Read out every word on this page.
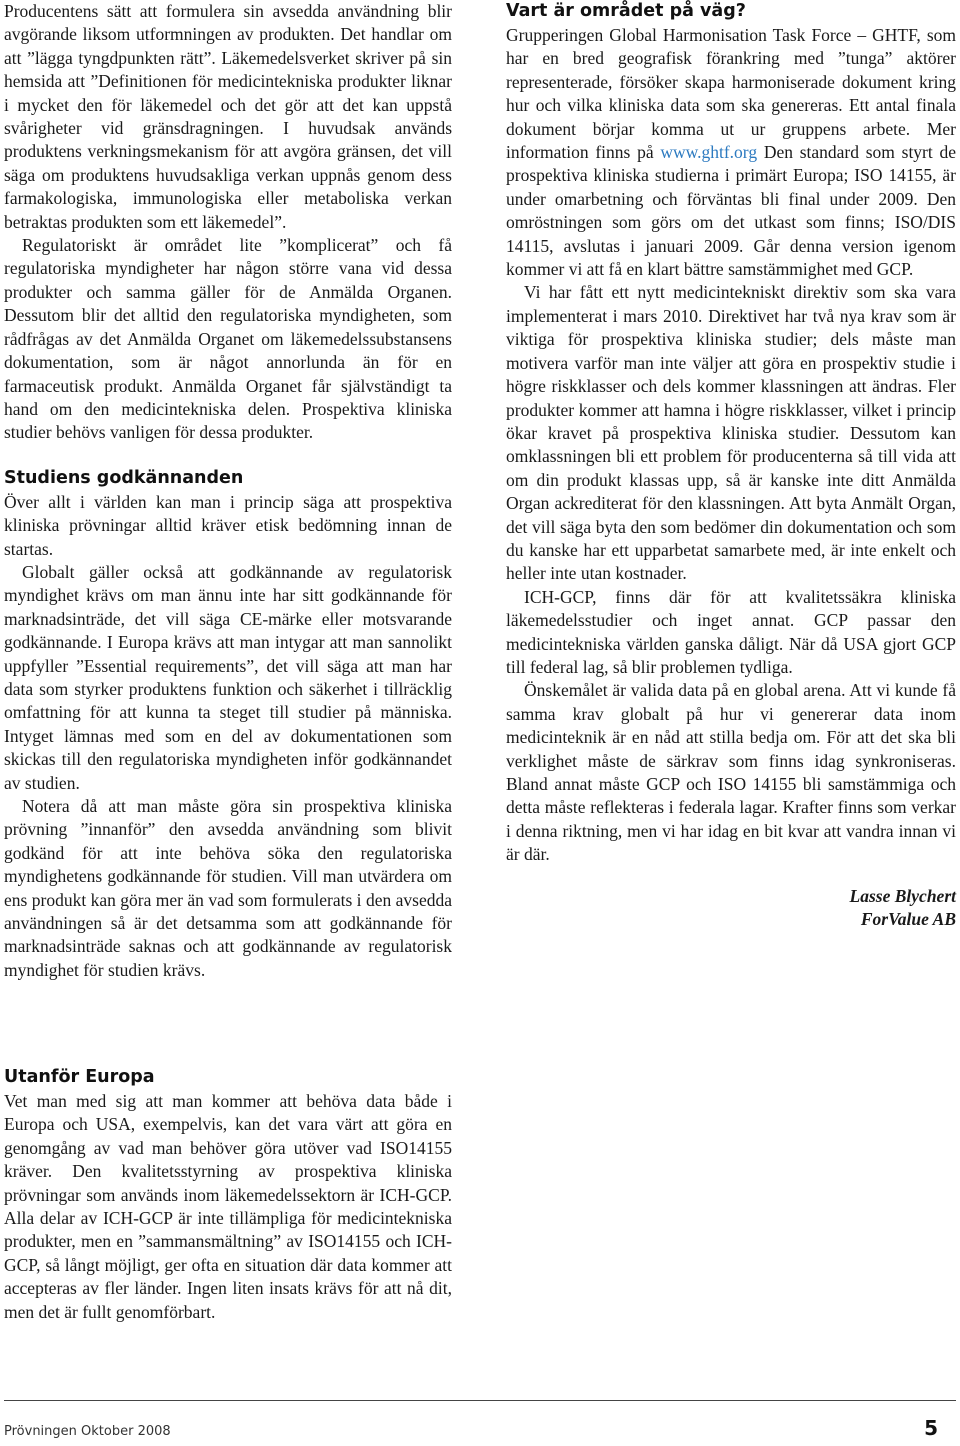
Producentens sätt att formulera sin avsedda användning blir avgörande liksom utformningen av produkten. Det handlar om att ”lägga tyngdpunkten rätt”. Läkemedelsverket skriver på sin hemsida att ”Definitionen för medicintekniska produkter liknar i mycket den för läkemedel och det gör att det kan uppstå svårigheter vid gränsdragningen. I huvudsak används produktens verkningsmekanism för att avgöra gränsen, det vill säga om produktens huvudsakliga verkan uppnås genom dess farmakologiska, immunologiska eller metaboliska verkan betraktas produkten som ett läkemedel”.

Regulatoriskt är området lite ”komplicerat” och få regulatoriska myndigheter har någon större vana vid dessa produkter och samma gäller för de Anmälda Organen. Dessutom blir det alltid den regulatoriska myndigheten, som rådfrågas av det Anmälda Organet om läkemedelssubstansens dokumentation, som är något annorlunda än för en farmaceutisk produkt. Anmälda Organet får självständigt ta hand om den medicintekniska delen. Prospektiva kliniska studier behövs vanligen för dessa produkter.

Studiens godkännanden

Över allt i världen kan man i princip säga att prospektiva kliniska prövningar alltid kräver etisk bedömning innan de startas.

Globalt gäller också att godkännande av regulatorisk myndighet krävs om man ännu inte har sitt godkännande för marknadsinträde, det vill säga CE-märke eller motsvarande godkännande. I Europa krävs att man intygar att man sannolikt uppfyller ”Essential requirements”, det vill säga att man har data som styrker produktens funktion och säkerhet i tillräcklig omfattning för att kunna ta steget till studier på människa. Intyget lämnas med som en del av dokumentationen som skickas till den regulatoriska myndigheten inför godkännandet av studien.

Notera då att man måste göra sin prospektiva kliniska prövning ”innanför” den avsedda användning som blivit godkänd för att inte behöva söka den regulatoriska myndighetens godkännande för studien. Vill man utvärdera om ens produkt kan göra mer än vad som formulerats i den avsedda användningen så är det detsamma som att godkännande för marknadsinträde saknas och att godkännande av regulatorisk myndighet för studien krävs.

Utanför Europa

Vet man med sig att man kommer att behöva data både i Europa och USA, exempelvis, kan det vara värt att göra en genomgång av vad man behöver göra utöver vad ISO14155 kräver. Den kvalitetsstyrning av prospektiva kliniska prövningar som används inom läkemedelssektorn är ICH-GCP. Alla delar av ICH-GCP är inte tillämpliga för medicintekniska produkter, men en ”sammansmältning” av ISO14155 och ICH-GCP, så långt möjligt, ger ofta en situation där data kommer att accepteras av fler länder. Ingen liten insats krävs för att nå dit, men det är fullt genomförbart.

Vart är området på väg?

Grupperingen Global Harmonisation Task Force – GHTF, som har en bred geografisk förankring med ”tunga” aktörer representerade, försöker skapa harmoniserade dokument kring hur och vilka kliniska data som ska genereras. Ett antal finala dokument börjar komma ut ur gruppens arbete. Mer information finns på www.ghtf.org Den standard som styrt de prospektiva kliniska studierna i primärt Europa; ISO 14155, är under omarbetning och förväntas bli final under 2009. Den omröstningen som görs om det utkast som finns; ISO/DIS 14115, avslutas i januari 2009. Går denna version igenom kommer vi att få en klart bättre samstämmighet med GCP.

Vi har fått ett nytt medicintekniskt direktiv som ska vara implementerat i mars 2010. Direktivet har två nya krav som är viktiga för prospektiva kliniska studier; dels måste man motivera varför man inte väljer att göra en prospektiv studie i högre riskklasser och dels kommer klassningen att ändras. Fler produkter kommer att hamna i högre riskklasser, vilket i princip ökar kravet på prospektiva kliniska studier. Dessutom kan omklassningen bli ett problem för producenterna så till vida att om din produkt klassas upp, så är kanske inte ditt Anmälda Organ ackrediterat för den klassningen. Att byta Anmält Organ, det vill säga byta den som bedömer din dokumentation och som du kanske har ett upparbetat samarbete med, är inte enkelt och heller inte utan kostnader.

ICH-GCP, finns där för att kvalitetssäkra kliniska läkemedelsstudier och inget annat. GCP passar den medicintekniska världen ganska dåligt. När då USA gjort GCP till federal lag, så blir problemen tydliga.

Önskemålet är valida data på en global arena. Att vi kunde få samma krav globalt på hur vi genererar data inom medicinteknik är en nåd att stilla bedja om. För att det ska bli verklighet måste de särkrav som finns idag synkroniseras. Bland annat måste GCP och ISO 14155 bli samstämmiga och detta måste reflekteras i federala lagar. Krafter finns som verkar i denna riktning, men vi har idag en bit kvar att vandra innan vi är där.

Lasse Blychert
ForValue AB
Prövningen Oktober 2008	5
